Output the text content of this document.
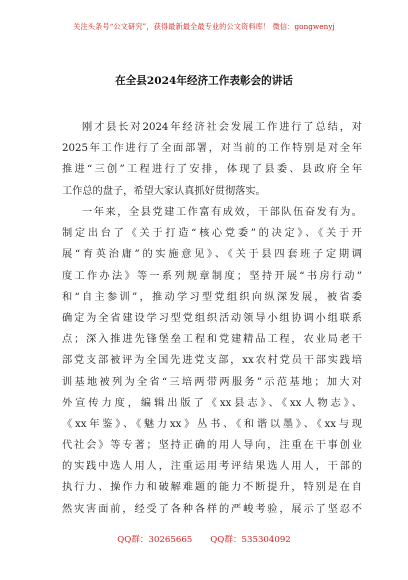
关注头条号“公文研究”，获得最新最全最专业的公文资料库！ 微信：gongwenyj
在全县2024年经济工作表彰会的讲话
刚才县长对2024年经济社会发展工作进行了总结，对
2025年工作进行了全面部署，对当前的工作特别是对全年
推进“三创”工程进行了安排，体现了县委、县政府全年
工作总的盘子，希望大家认真抓好贯彻落实。
一年来，全县党建工作富有成效，干部队伍奋发有为。
制定出台了《关于打造“核心党委”的决定》、《关于开
展“育英治庸”的实施意见》、《关于县四套班子定期调
度工作办法》等一系列规章制度；坚持开展“书房行动”
和“自主参训”，推动学习型党组织向纵深发展，被省委
确定为全省建设学习型党组织活动领导小组协调小组联系
点；深入推进先锋堡垒工程和党建精品工程，农业局老干
部党支部被评为全国先进党支部，xx农村党员干部实践培
训基地被列为全省“三培两带两服务”示范基地；加大对
外宣传力度，编辑出版了《xx县志》、《xx人物志》、
《xx年鉴》、《魅力xx》丛书、《和谐以墨》、《xx与现
代社会》等专著；坚持正确的用人导向，注重在干事创业
的实践中选人用人，注重运用考评结果选人用人，干部的
执行力、操作力和破解难题的能力不断提升，特别是在自
然灾害面前，经受了各种各样的严峻考验，展示了坚忍不
QQ群：30265665 QQ群：535304092
